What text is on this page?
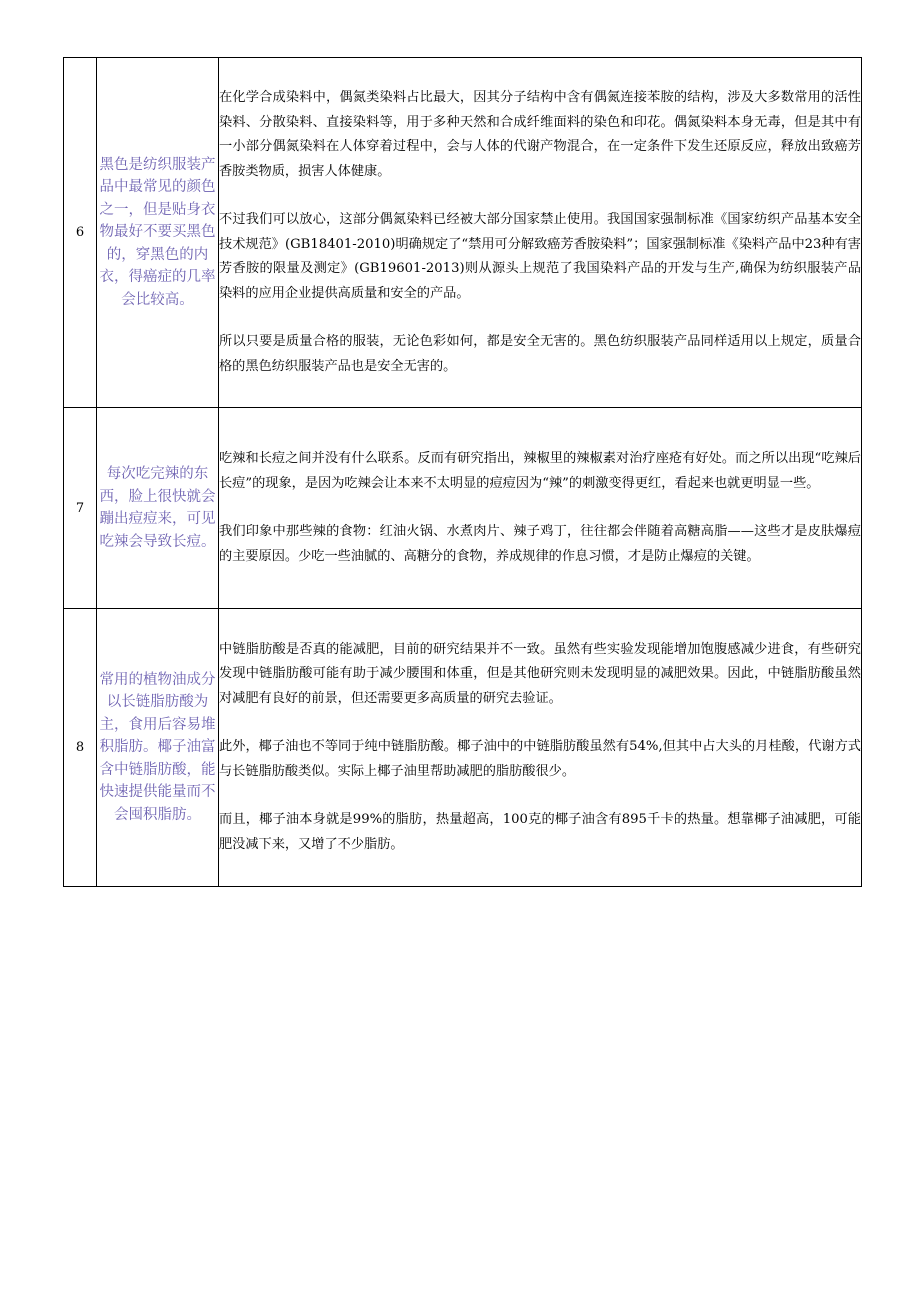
6	黑色是纺织服装产品中最常见的颜色之一，但是贴身衣物最好不要买黑色的，穿黑色的内衣，得癌症的几率会比较高。	在化学合成染料中，偶氮类染料占比最大，因其分子结构中含有偶氮连接苯胺的结构，涉及大多数常用的活性染料、分散染料、直接染料等，用于多种天然和合成纤维面料的染色和印花。偶氮染料本身无毒，但是其中有一小部分偶氮染料在人体穿着过程中，会与人体的代谢产物混合，在一定条件下发生还原反应，释放出致癌芳香胺类物质，损害人体健康。

不过我们可以放心，这部分偶氮染料已经被大部分国家禁止使用。我国国家强制标准《国家纺织产品基本安全技术规范》(GB18401-2010)明确规定了“禁用可分解致癌芳香胺染料”；国家强制标准《染料产品中23种有害芳香胺的限量及测定》(GB19601-2013)则从源头上规范了我国染料产品的开发与生产,确保为纺织服装产品染料的应用企业提供高质量和安全的产品。

所以只要是质量合格的服装，无论色彩如何，都是安全无害的。黑色纺织服装产品同样适用以上规定，质量合格的黑色纺织服装产品也是安全无害的。

7	每次吃完辣的东西，脸上很快就会蹦出痘痘来，可见吃辣会导致长痘。	吃辣和长痘之间并没有什么联系。反而有研究指出，辣椒里的辣椒素对治疗座疮有好处。而之所以出现“吃辣后长痘”的现象，是因为吃辣会让本来不太明显的痘痘因为“辣”的刺激变得更红，看起来也就更明显一些。

我们印象中那些辣的食物：红油火锅、水煮肉片、辣子鸡丁，往往都会伴随着高糖高脂——这些才是皮肤爆痘的主要原因。少吃一些油腻的、高糖分的食物，养成规律的作息习惯，才是防止爆痘的关键。

8	常用的植物油成分以长链脂肪酸为主，食用后容易堆积脂肪。椰子油富含中链脂肪酸，能快速提供能量而不会囤积脂肪。	中链脂肪酸是否真的能减肥，目前的研究结果并不一致。虽然有些实验发现能增加饱腹感减少进食，有些研究发现中链脂肪酸可能有助于减少腰围和体重，但是其他研究则未发现明显的减肥效果。因此，中链脂肪酸虽然对减肥有良好的前景，但还需要更多高质量的研究去验证。

此外，椰子油也不等同于纯中链脂肪酸。椰子油中的中链脂肪酸虽然有54%,但其中占大头的月桂酸，代谢方式与长链脂肪酸类似。实际上椰子油里帮助减肥的脂肪酸很少。

而且，椰子油本身就是99%的脂肪，热量超高，100克的椰子油含有895千卡的热量。想靠椰子油减肥，可能肥没减下来，又增了不少脂肪。
